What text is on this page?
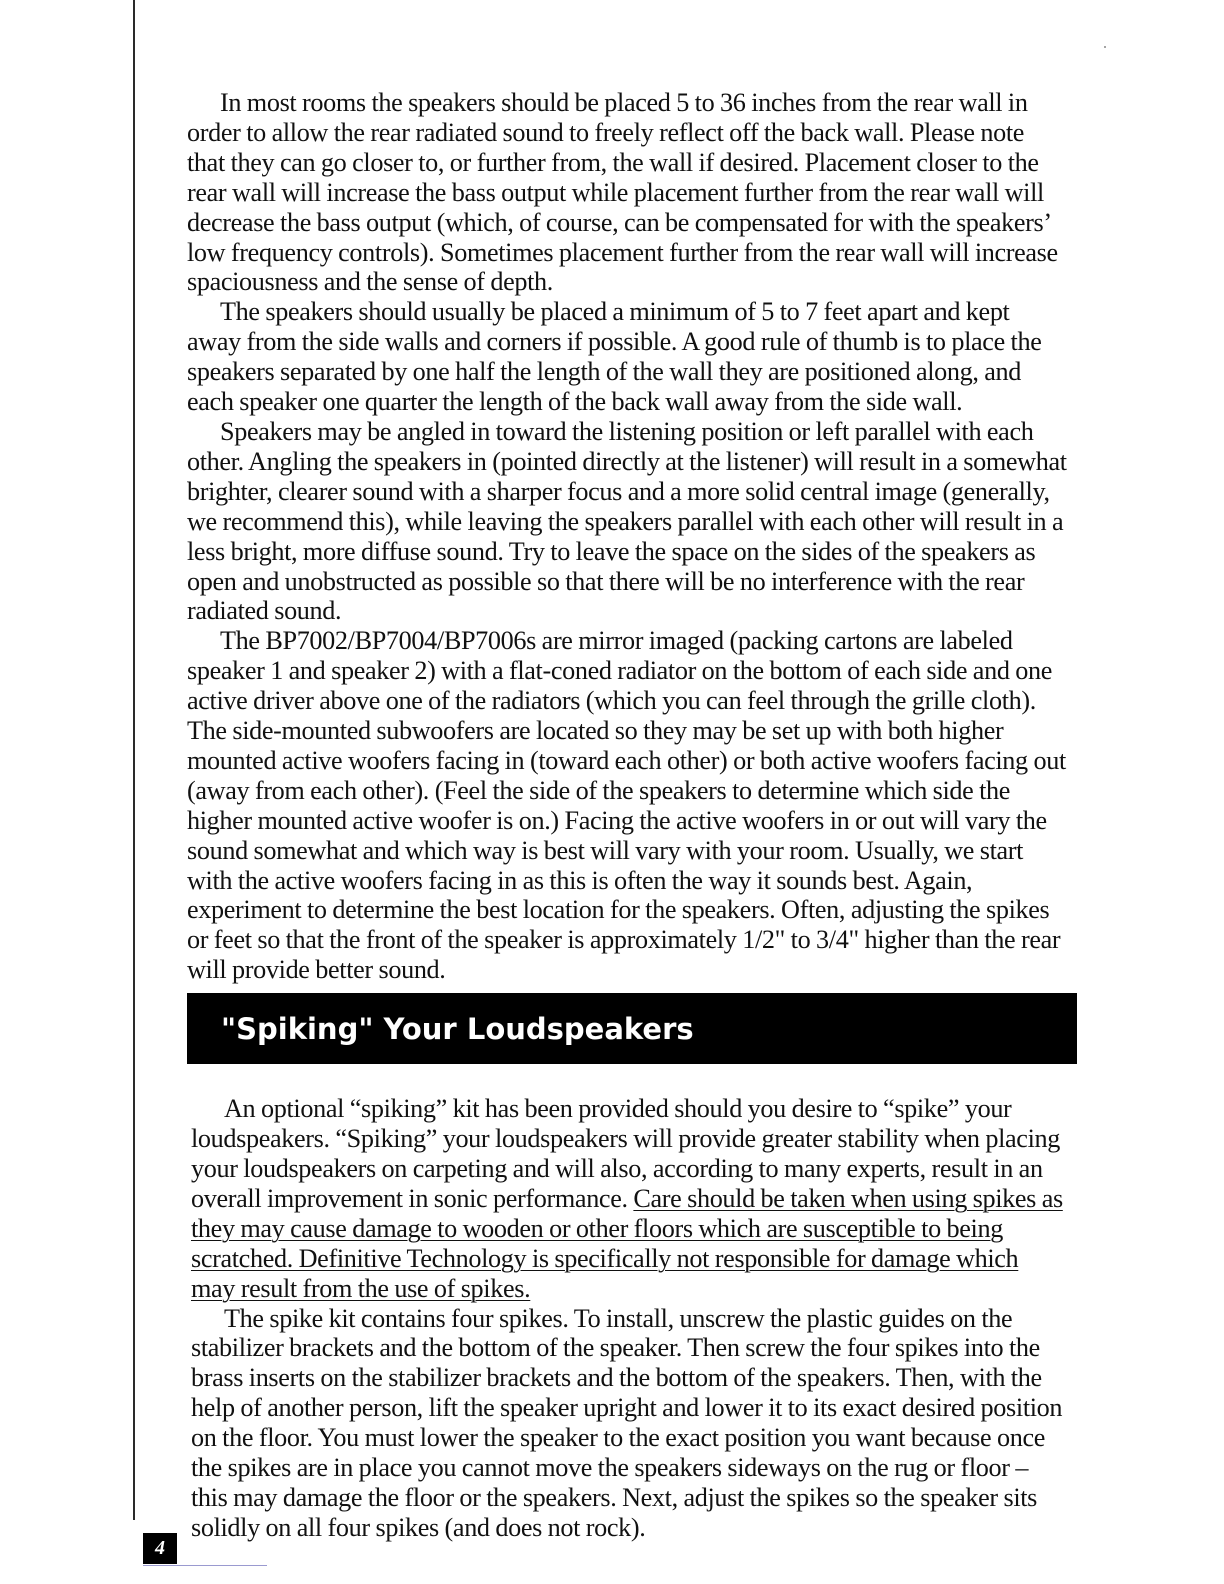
In most rooms the speakers should be placed 5 to 36 inches from the rear wall in order to allow the rear radiated sound to freely reflect off the back wall. Please note that they can go closer to, or further from, the wall if desired. Placement closer to the rear wall will increase the bass output while placement further from the rear wall will decrease the bass output (which, of course, can be compensated for with the speakers’ low frequency controls). Sometimes placement further from the rear wall will increase spaciousness and the sense of depth.

The speakers should usually be placed a minimum of 5 to 7 feet apart and kept away from the side walls and corners if possible. A good rule of thumb is to place the speakers separated by one half the length of the wall they are positioned along, and each speaker one quarter the length of the back wall away from the side wall.

Speakers may be angled in toward the listening position or left parallel with each other. Angling the speakers in (pointed directly at the listener) will result in a somewhat brighter, clearer sound with a sharper focus and a more solid central image (generally, we recommend this), while leaving the speakers parallel with each other will result in a less bright, more diffuse sound. Try to leave the space on the sides of the speakers as open and unobstructed as possible so that there will be no interference with the rear radiated sound.

The BP7002/BP7004/BP7006s are mirror imaged (packing cartons are labeled speaker 1 and speaker 2) with a flat-coned radiator on the bottom of each side and one active driver above one of the radiators (which you can feel through the grille cloth). The side-mounted subwoofers are located so they may be set up with both higher mounted active woofers facing in (toward each other) or both active woofers facing out (away from each other). (Feel the side of the speakers to determine which side the higher mounted active woofer is on.) Facing the active woofers in or out will vary the sound somewhat and which way is best will vary with your room. Usually, we start with the active woofers facing in as this is often the way it sounds best. Again, experiment to determine the best location for the speakers. Often, adjusting the spikes or feet so that the front of the speaker is approximately 1/2" to 3/4" higher than the rear will provide better sound.

"Spiking" Your Loudspeakers

An optional “spiking” kit has been provided should you desire to “spike” your loudspeakers. “Spiking” your loudspeakers will provide greater stability when placing your loudspeakers on carpeting and will also, according to many experts, result in an overall improvement in sonic performance. Care should be taken when using spikes as they may cause damage to wooden or other floors which are susceptible to being scratched. Definitive Technology is specifically not responsible for damage which may result from the use of spikes.

The spike kit contains four spikes. To install, unscrew the plastic guides on the stabilizer brackets and the bottom of the speaker. Then screw the four spikes into the brass inserts on the stabilizer brackets and the bottom of the speakers. Then, with the help of another person, lift the speaker upright and lower it to its exact desired position on the floor. You must lower the speaker to the exact position you want because once the spikes are in place you cannot move the speakers sideways on the rug or floor – this may damage the floor or the speakers. Next, adjust the spikes so the speaker sits solidly on all four spikes (and does not rock).

4
